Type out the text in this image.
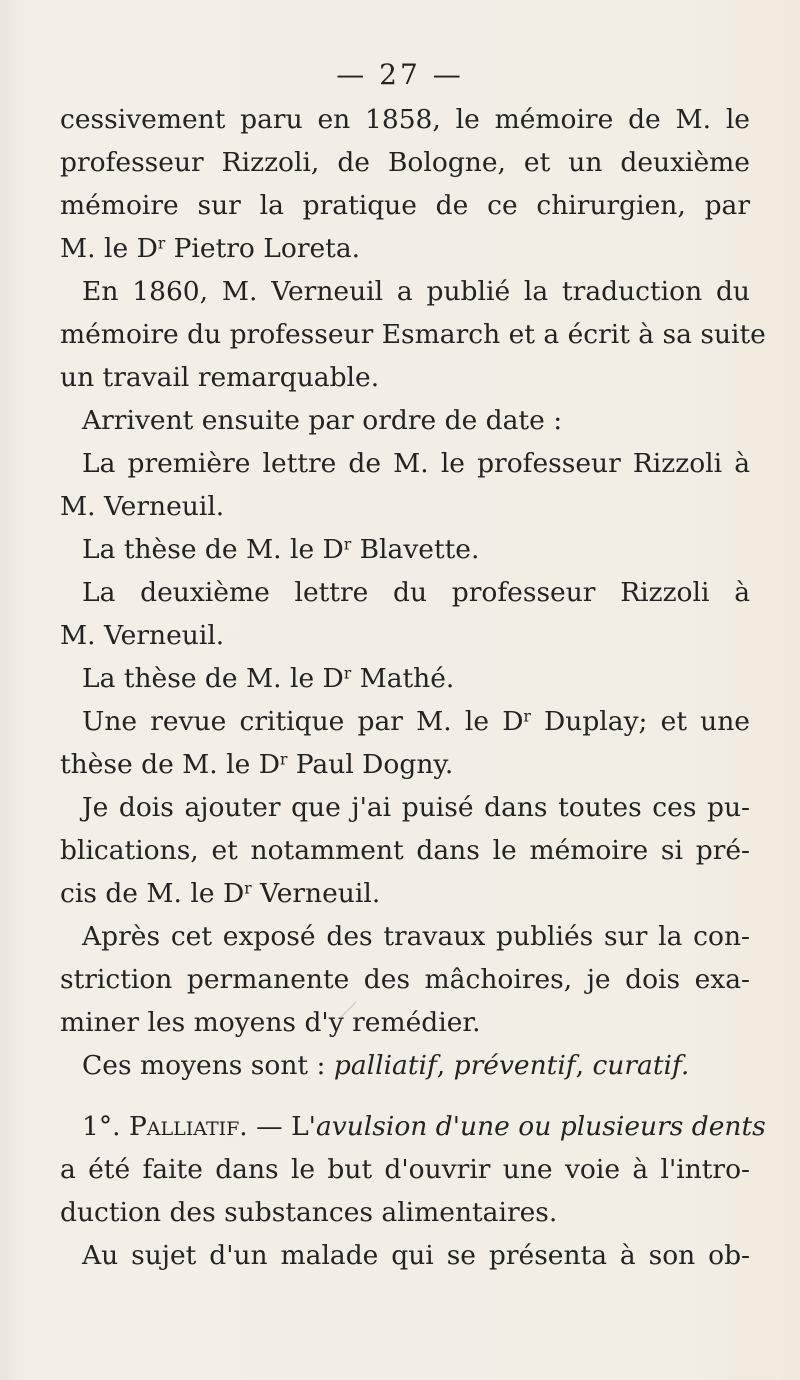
— 27 —
cessivement paru en 1858, le mémoire de M. le
professeur Rizzoli, de Bologne, et un deuxième
mémoire sur la pratique de ce chirurgien, par
M. le $D^r$ Pietro Loreta.
En 1860, M. Verneuil a publié la traduction du
mémoire du professeur Esmarch et a écrit à sa suite
un travail remarquable.
Arrivent ensuite par ordre de date :
La première lettre de M. le professeur Rizzoli à
M. Verneuil.
La thèse de M. le $D^r$ Blavette.
La deuxième lettre du professeur Rizzoli à
M. Verneuil.
La thèse de M. le $D^r$ Mathé.
Une revue critique par M. le $D^r$ Duplay; et une
thèse de M. le $D^r$ Paul Dogny.
Je dois ajouter que j'ai puisé dans toutes ces pu-
blications, et notamment dans le mémoire si pré-
cis de M. le $D^r$ Verneuil.
Après cet exposé des travaux publiés sur la con-
striction permanente des mâchoires, je dois exa-
miner les moyens d'y remédier.
Ces moyens sont : palliatif, préventif, curatif.
1°. Palliatif. — L'avulsion d'une ou plusieurs dents
a été faite dans le but d'ouvrir une voie à l'intro-
duction des substances alimentaires.
Au sujet d'un malade qui se présenta à son ob-
